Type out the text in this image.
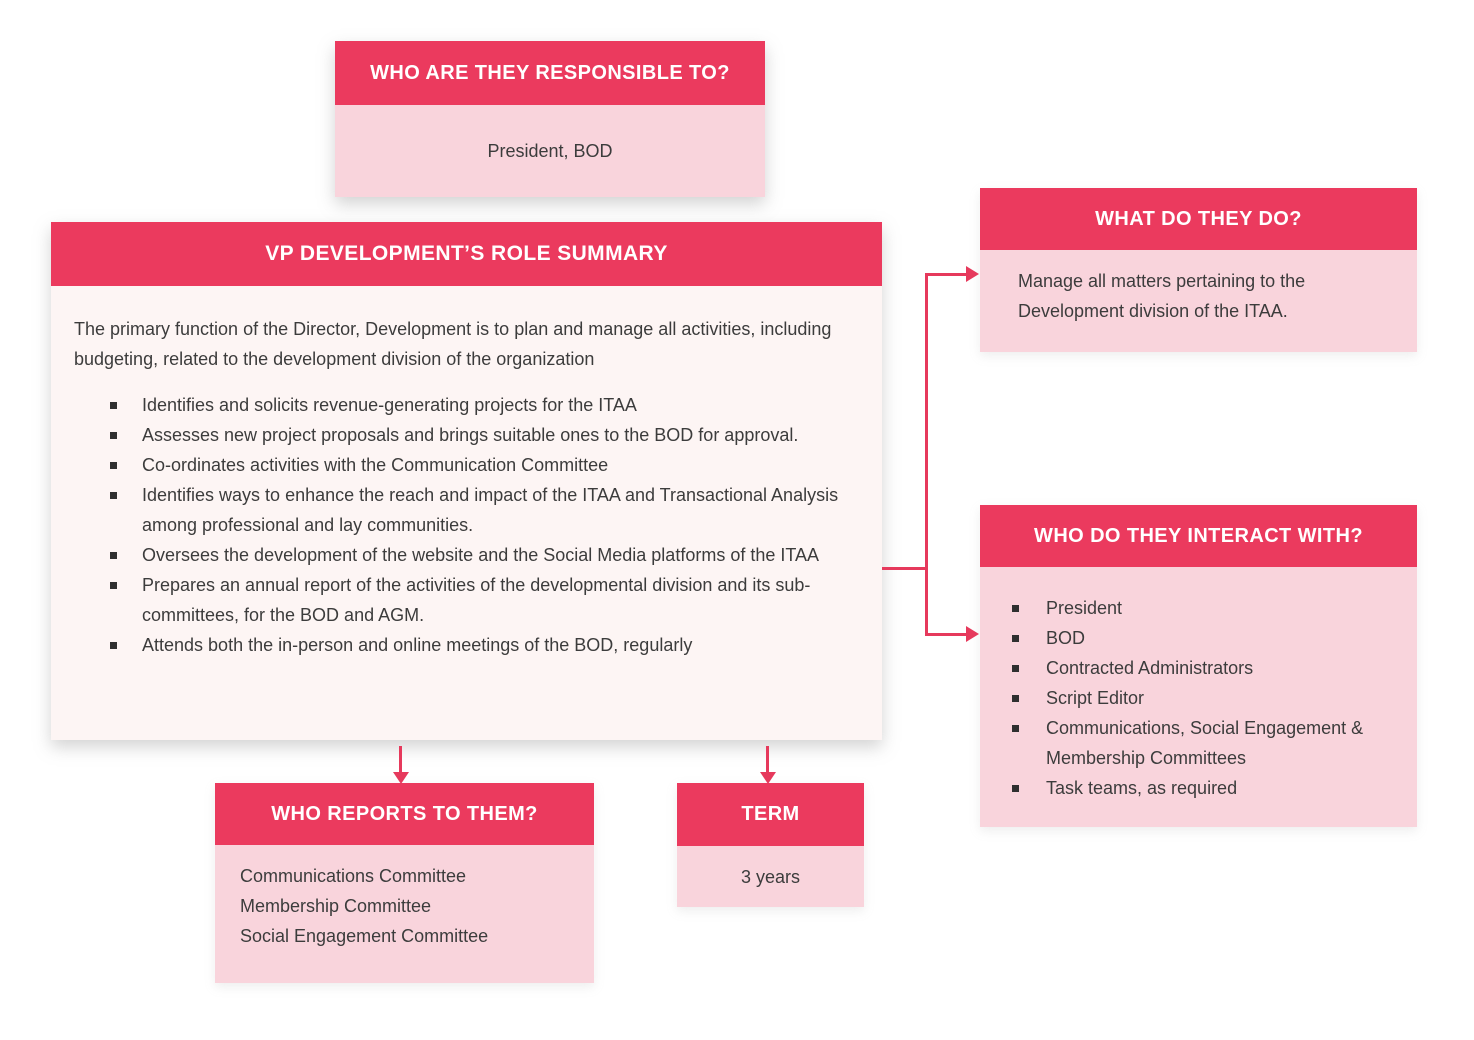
WHO ARE THEY RESPONSIBLE TO?
President, BOD
VP DEVELOPMENT’S ROLE SUMMARY

The primary function of the Director, Development is to plan and manage all activities, including budgeting, related to the development division of the organization

Identifies and solicits revenue-generating projects for the ITAA
Assesses new project proposals and brings suitable ones to the BOD for approval.
Co-ordinates activities with the Communication Committee
Identifies ways to enhance the reach and impact of the ITAA and Transactional Analysis among professional and lay communities.
Oversees the development of the website and the Social Media platforms of the ITAA
Prepares an annual report of the activities of the developmental division and its sub-committees, for the BOD and AGM.
Attends both the in-person and online meetings of the BOD, regularly
WHAT DO THEY DO?
Manage all matters pertaining to the Development division of the ITAA.
WHO DO THEY INTERACT WITH?
President
BOD
Contracted Administrators
Script Editor
Communications, Social Engagement & Membership Committees
Task teams, as required
WHO REPORTS TO THEM?
Communications Committee
Membership Committee
Social Engagement Committee
TERM
3 years
